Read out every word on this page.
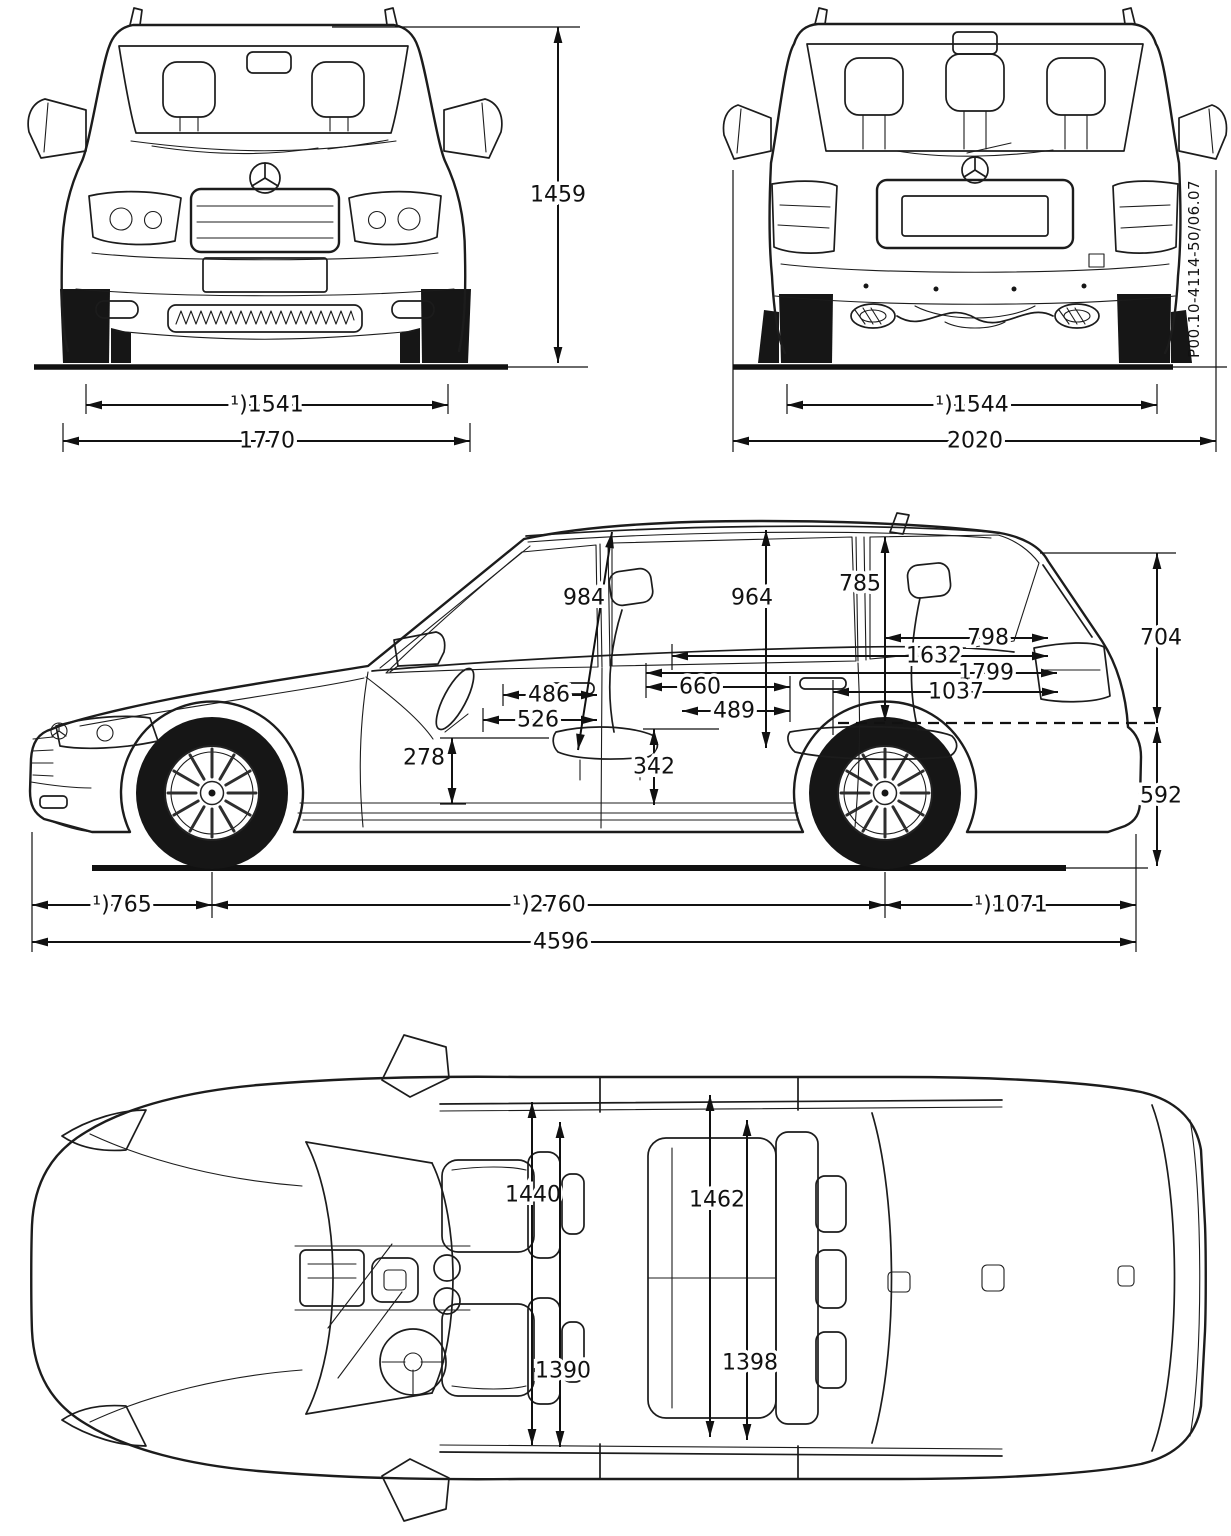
1459
¹)1541
1770
P00.10-4114-50/06.07
¹)1544
2020
984	964
785
798
1632
1799
660	1037
489
486
526
278	342
704
592
¹)765	¹)2760	¹)1071
4596
1440
1390
1462
1398
